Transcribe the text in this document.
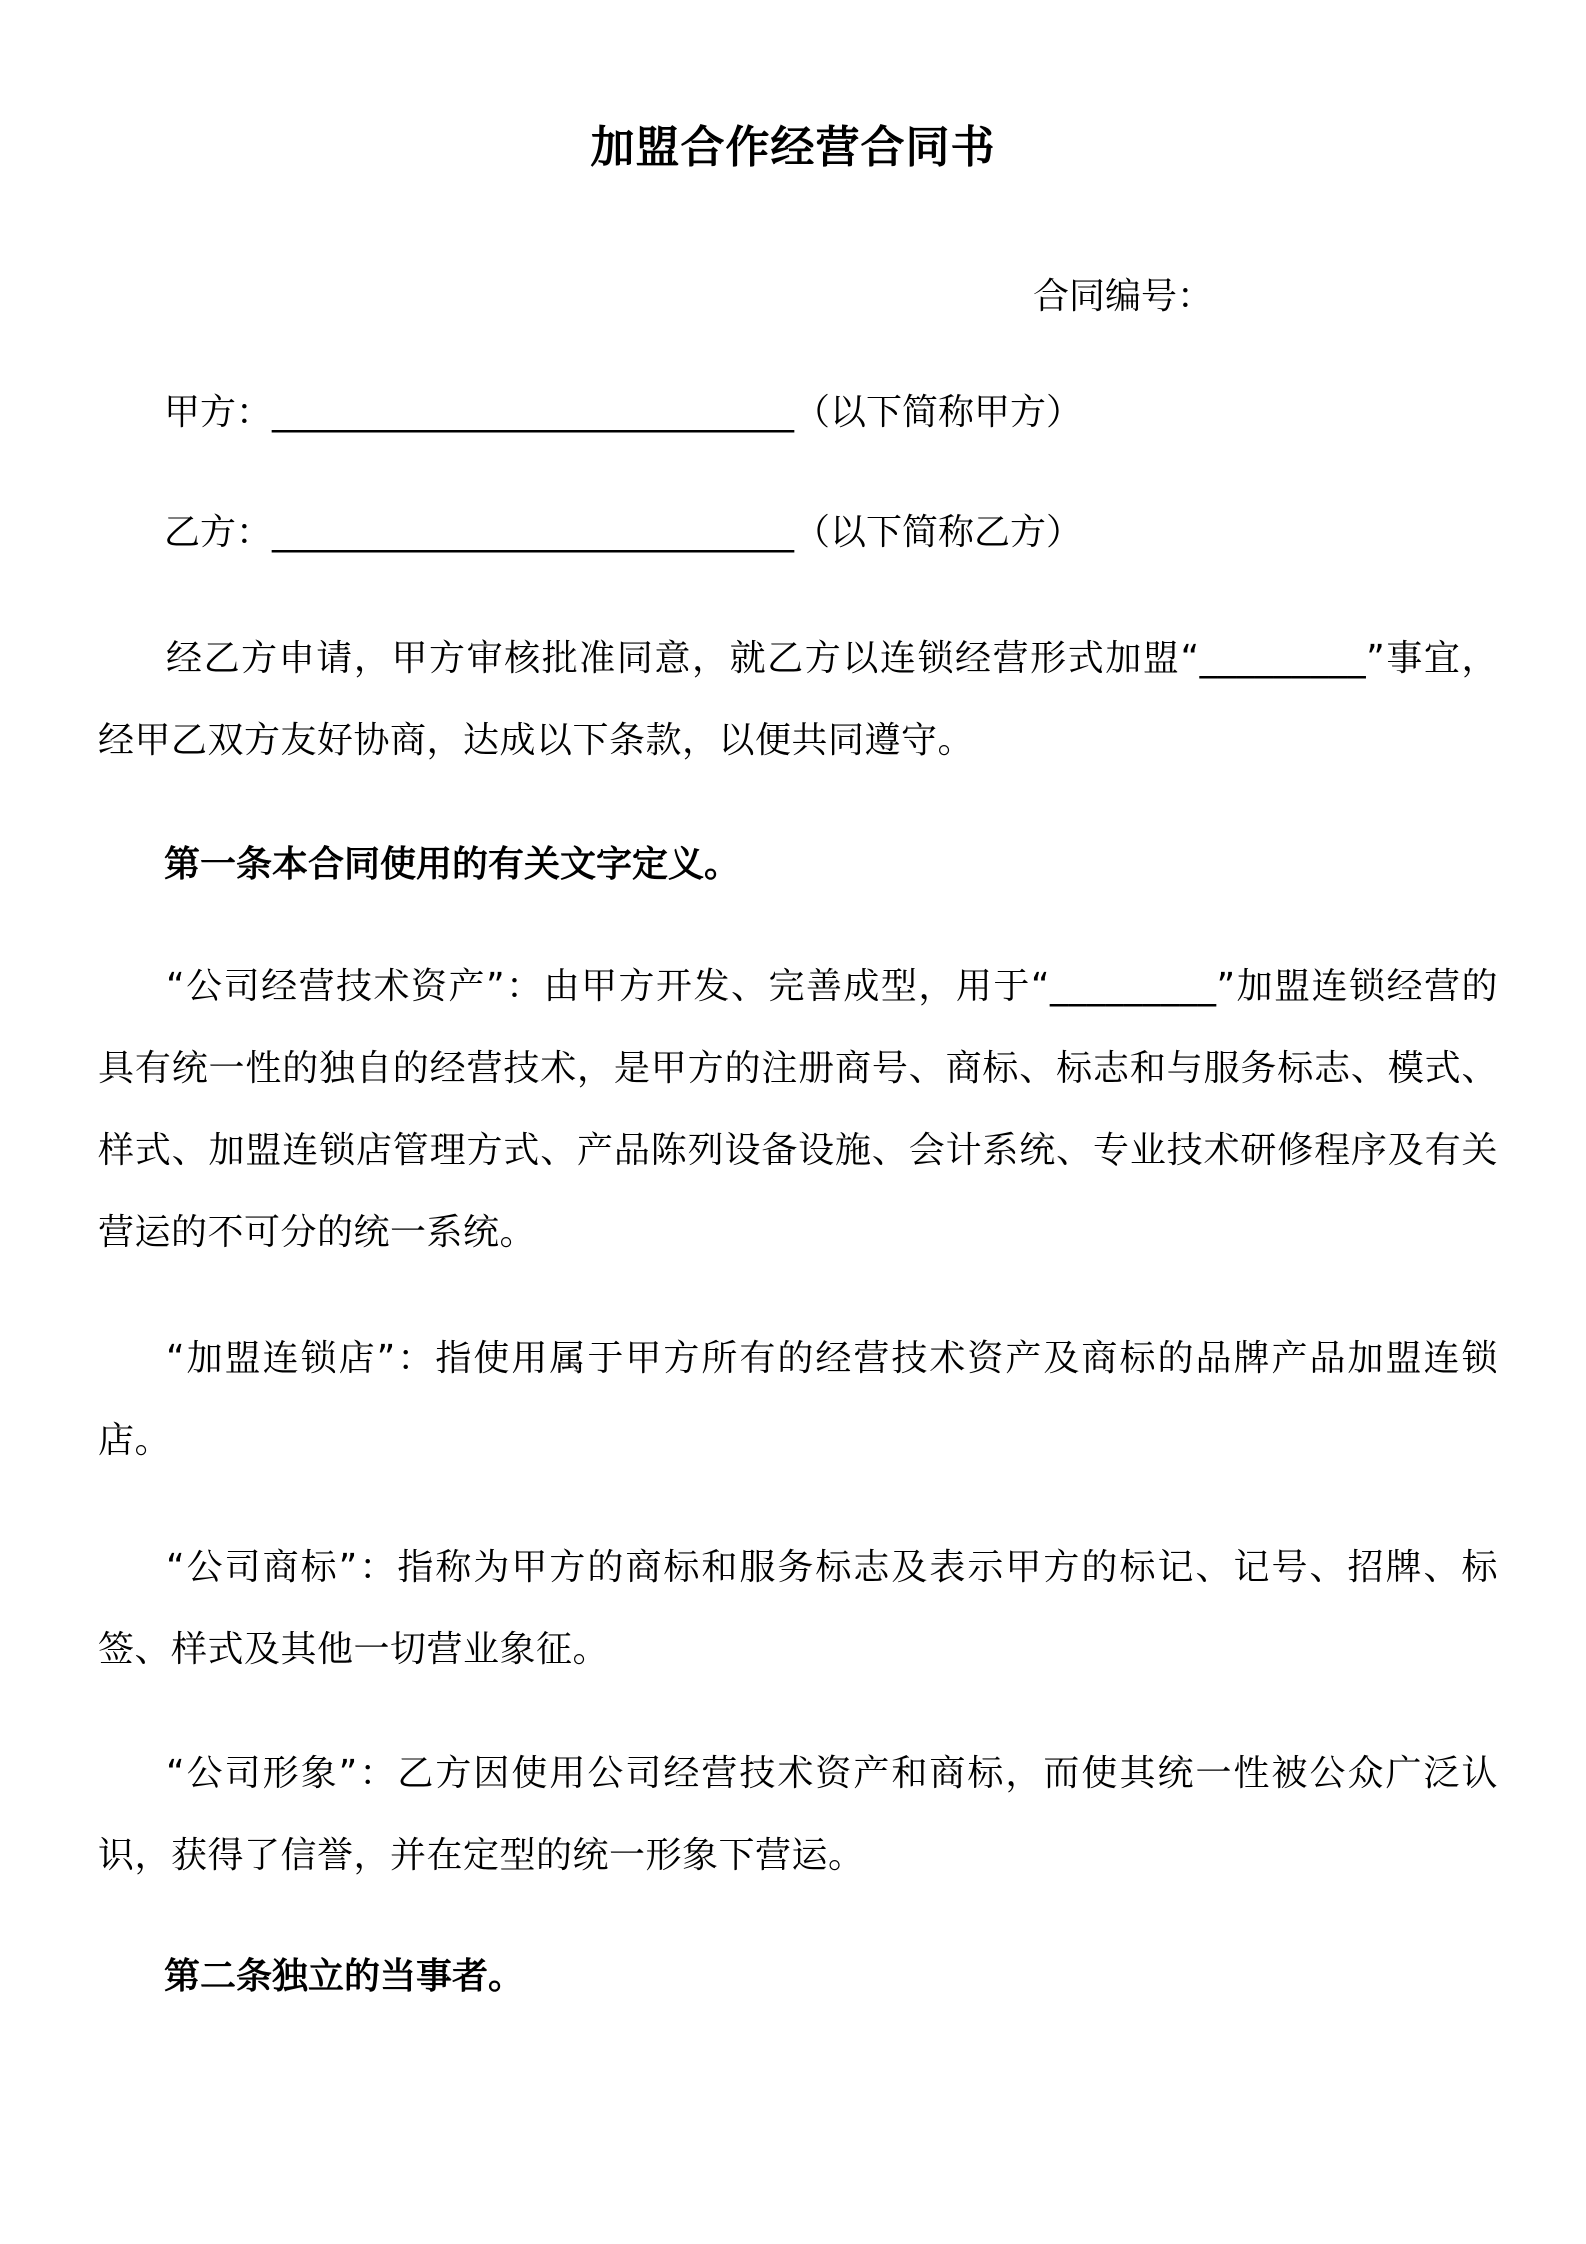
加盟合作经营合同书
合同编号：
甲方：_____________________________（以下简称甲方）
乙方：_____________________________（以下简称乙方）
经乙方申请，甲方审核批准同意，就乙方以连锁经营形式加盟“_________”事宜，经甲乙双方友好协商，达成以下条款，以便共同遵守。
第一条本合同使用的有关文字定义。
“公司经营技术资产”：由甲方开发、完善成型，用于“_________”加盟连锁经营的具有统一性的独自的经营技术，是甲方的注册商号、商标、标志和与服务标志、模式、样式、加盟连锁店管理方式、产品陈列设备设施、会计系统、专业技术研修程序及有关营运的不可分的统一系统。
“加盟连锁店”：指使用属于甲方所有的经营技术资产及商标的品牌产品加盟连锁店。
“公司商标”：指称为甲方的商标和服务标志及表示甲方的标记、记号、招牌、标签、样式及其他一切营业象征。
“公司形象”：乙方因使用公司经营技术资产和商标，而使其统一性被公众广泛认识，获得了信誉，并在定型的统一形象下营运。
第二条独立的当事者。
